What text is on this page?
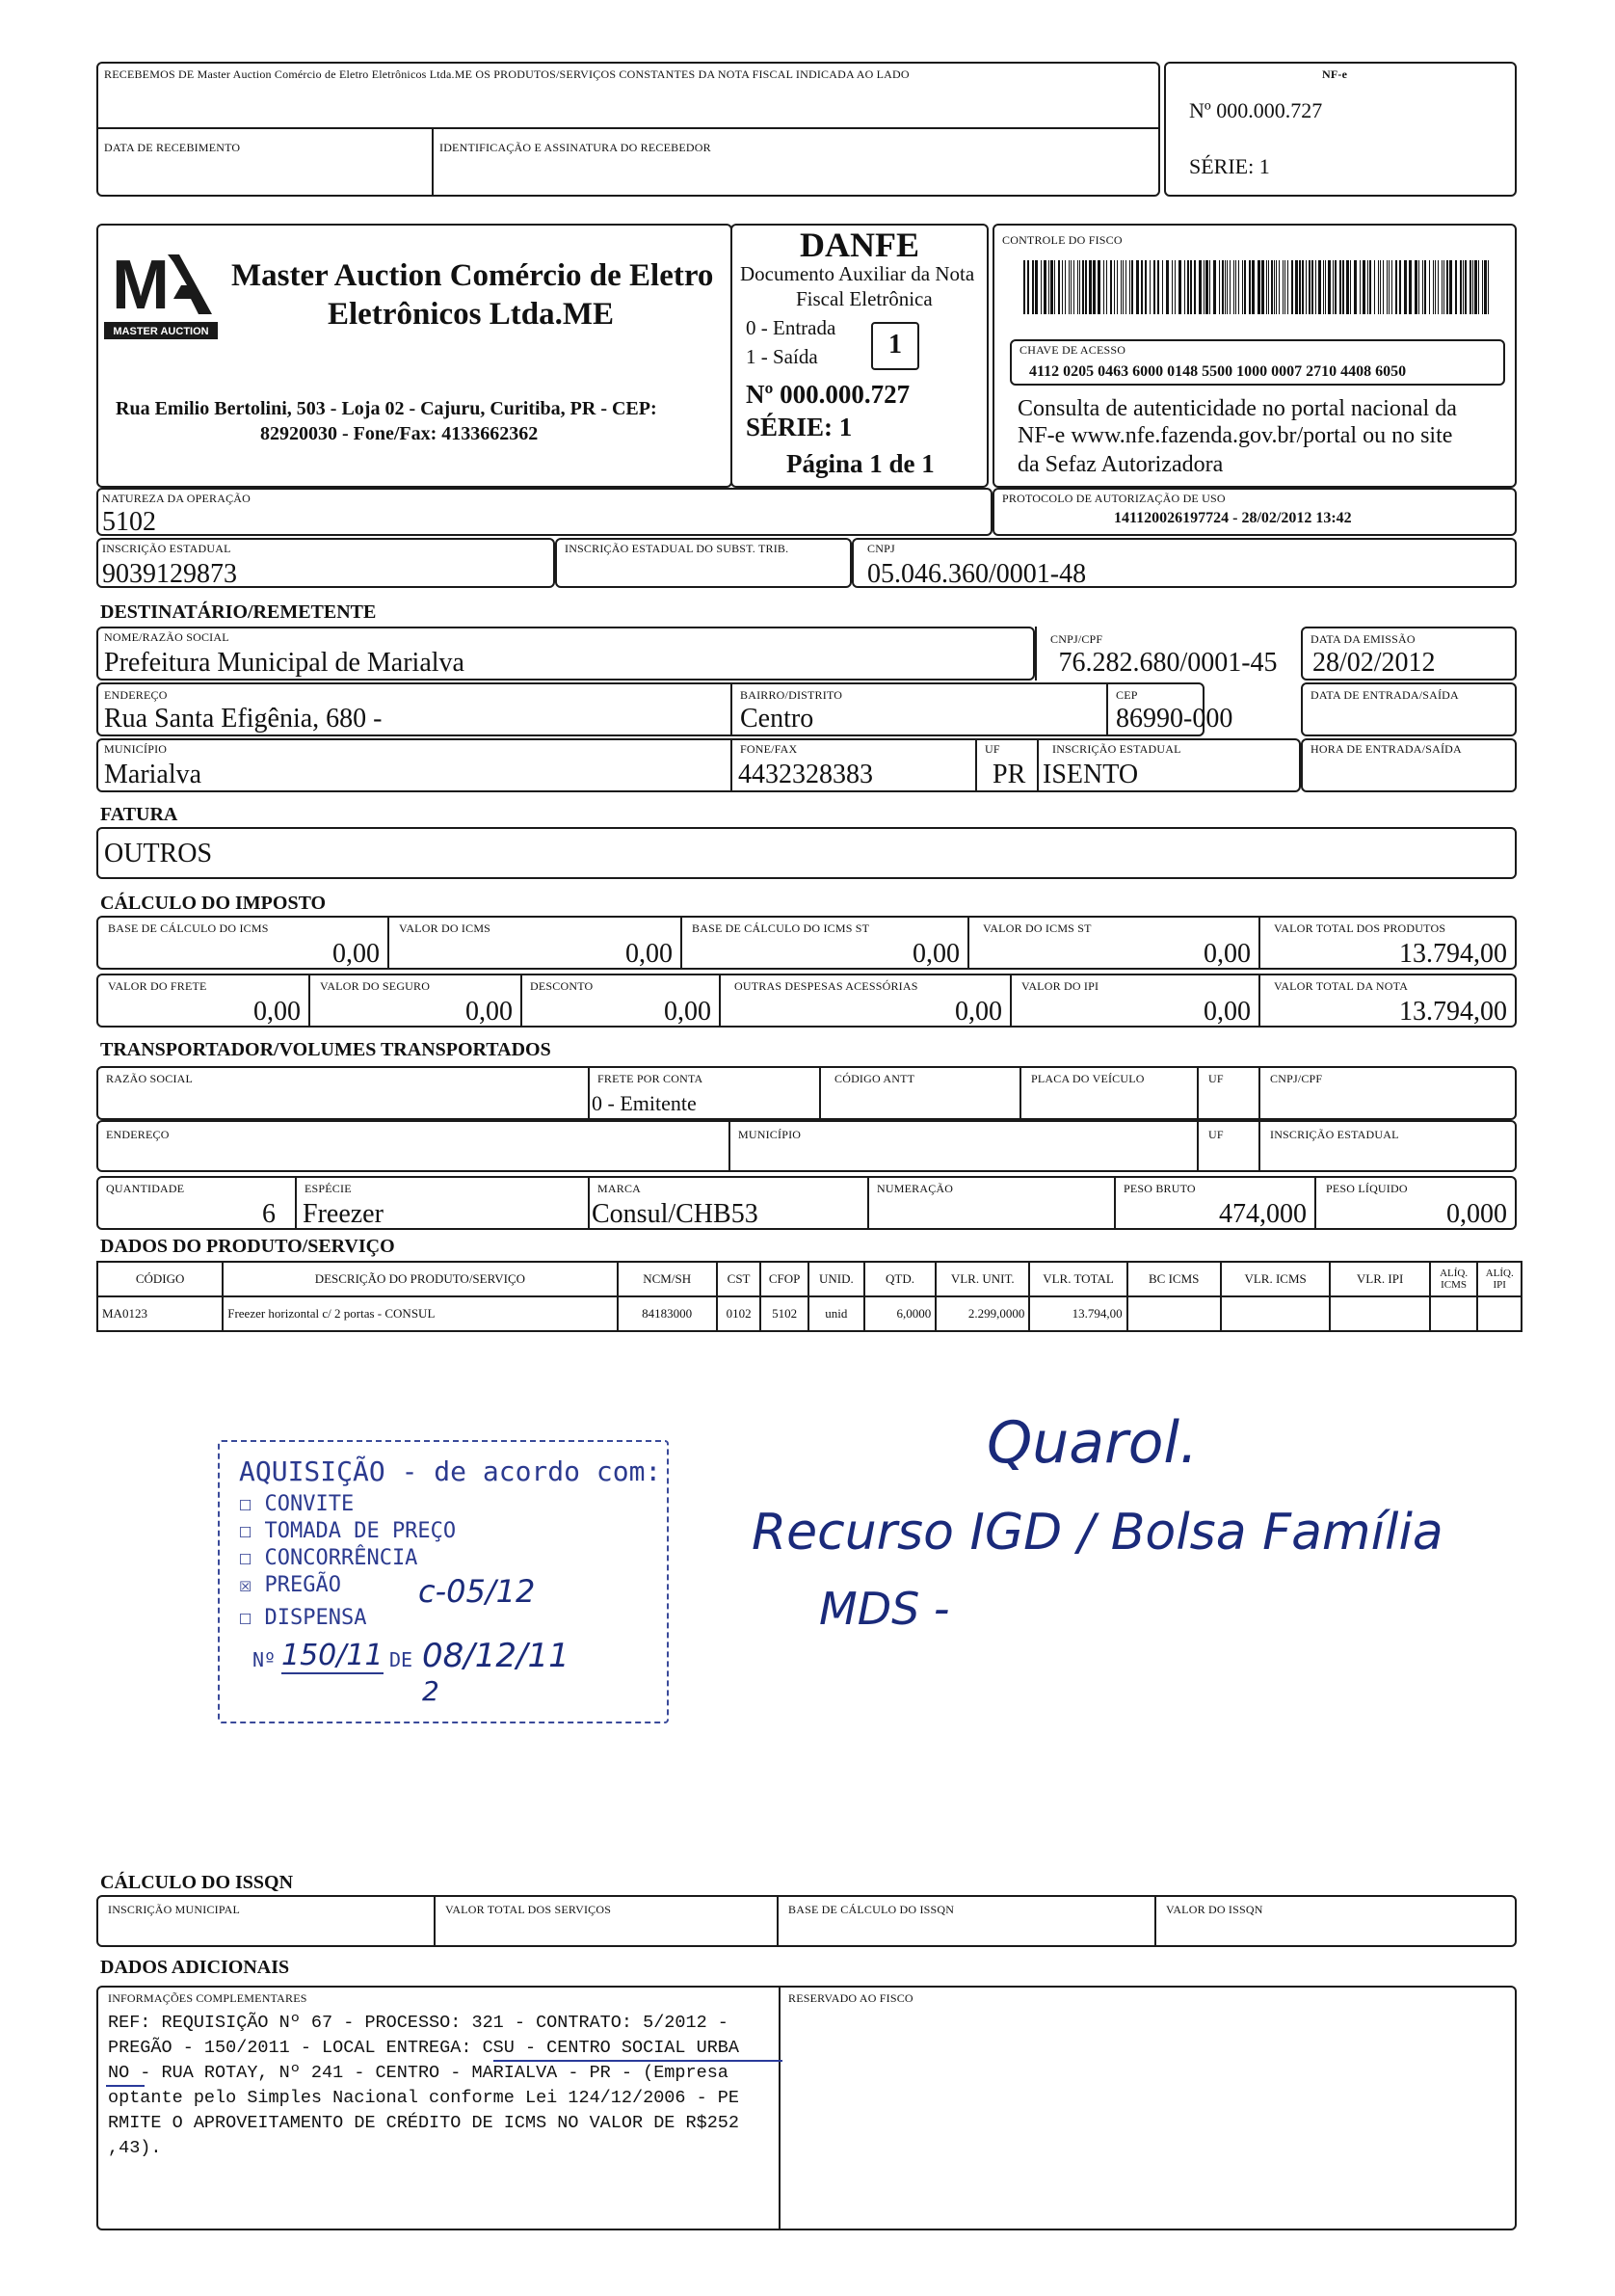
RECEBEMOS DE Master Auction Comércio de Eletro Eletrônicos Ltda.ME OS PRODUTOS/SERVIÇOS CONSTANTES DA NOTA FISCAL INDICADA AO LADO
DATA DE RECEBIMENTO	IDENTIFICAÇÃO E ASSINATURA DO RECEBEDOR
NF-e
Nº 000.000.727
SÉRIE: 1
M
MASTER AUCTION
Master Auction Comércio de Eletro
Eletrônicos Ltda.ME
Rua Emilio Bertolini, 503 - Loja 02 - Cajuru, Curitiba, PR - CEP:
82920030 - Fone/Fax: 4133662362
DANFE
Documento Auxiliar da Nota
Fiscal Eletrônica
0 - Entrada
1 - Saída	1
Nº 000.000.727
SÉRIE: 1
Página 1 de 1
CONTROLE DO FISCO
CHAVE DE ACESSO
4112 0205 0463 6000 0148 5500 1000 0007 2710 4408 6050
Consulta de autenticidade no portal nacional da
NF-e www.nfe.fazenda.gov.br/portal ou no site
da Sefaz Autorizadora
NATUREZA DA OPERAÇÃO
5102
PROTOCOLO DE AUTORIZAÇÃO DE USO
141120026197724 - 28/02/2012 13:42
INSCRIÇÃO ESTADUAL
9039129873
INSCRIÇÃO ESTADUAL DO SUBST. TRIB.	CNPJ
05.046.360/0001-48
DESTINATÁRIO/REMETENTE
NOME/RAZÃO SOCIAL
Prefeitura Municipal de Marialva
CNPJ/CPF
76.282.680/0001-45
DATA DA EMISSÃO
28/02/2012
ENDEREÇO
Rua Santa Efigênia, 680 -
BAIRRO/DISTRITO
Centro
CEP
86990-000
DATA DE ENTRADA/SAÍDA
MUNICÍPIO
Marialva
FONE/FAX
4432328383
UF
PR
INSCRIÇÃO ESTADUAL
ISENTO
HORA DE ENTRADA/SAÍDA
FATURA
OUTROS
CÁLCULO DO IMPOSTO
BASE DE CÁLCULO DO ICMS
0,00
VALOR DO ICMS
0,00
BASE DE CÁLCULO DO ICMS ST
0,00
VALOR DO ICMS ST
0,00
VALOR TOTAL DOS PRODUTOS
13.794,00
VALOR DO FRETE
0,00
VALOR DO SEGURO
0,00
DESCONTO
0,00
OUTRAS DESPESAS ACESSÓRIAS
0,00
VALOR DO IPI
0,00
VALOR TOTAL DA NOTA
13.794,00
TRANSPORTADOR/VOLUMES TRANSPORTADOS
RAZÃO SOCIAL	FRETE POR CONTA
0 - Emitente
CÓDIGO ANTT	PLACA DO VEÍCULO	UF	CNPJ/CPF
ENDEREÇO	MUNICÍPIO	UF	INSCRIÇÃO ESTADUAL
QUANTIDADE
6
ESPÉCIE
Freezer
MARCA
Consul/CHB53
NUMERAÇÃO	PESO BRUTO
474,000
PESO LÍQUIDO
0,000
DADOS DO PRODUTO/SERVIÇO
CÓDIGO	DESCRIÇÃO DO PRODUTO/SERVIÇO	NCM/SH	CST	CFOP	UNID.	QTD.	VLR. UNIT.	VLR. TOTAL	BC ICMS	VLR. ICMS	VLR. IPI	ALÍQ. ICMS	ALÍQ. IPI
MA0123	Freezer horizontal c/ 2 portas - CONSUL	84183000	0102	5102	unid	6,0000	2.299,0000	13.794,00					
AQUISIÇÃO - de acordo com:
☐ CONVITE
☐ TOMADA DE PREÇO
☐ CONCORRÊNCIA
☒ PREGÃO	c-05/12
☐ DISPENSA
Nº 150/11 DE 08/12/11
2
Quarol.
Recurso IGD / Bolsa Família
MDS -
CÁLCULO DO ISSQN
INSCRIÇÃO MUNICIPAL	VALOR TOTAL DOS SERVIÇOS	BASE DE CÁLCULO DO ISSQN	VALOR DO ISSQN
DADOS ADICIONAIS
INFORMAÇÕES COMPLEMENTARES	RESERVADO AO FISCO
REF: REQUISIÇÃO Nº 67 - PROCESSO: 321 - CONTRATO: 5/2012 -
PREGÃO - 150/2011 - LOCAL ENTREGA: CSU - CENTRO SOCIAL URBA
NO - RUA ROTAY, Nº 241 - CENTRO - MARIALVA - PR - (Empresa
optante pelo Simples Nacional conforme Lei 124/12/2006 - PE
RMITE O APROVEITAMENTO DE CRÉDITO DE ICMS NO VALOR DE R$252
,43).
